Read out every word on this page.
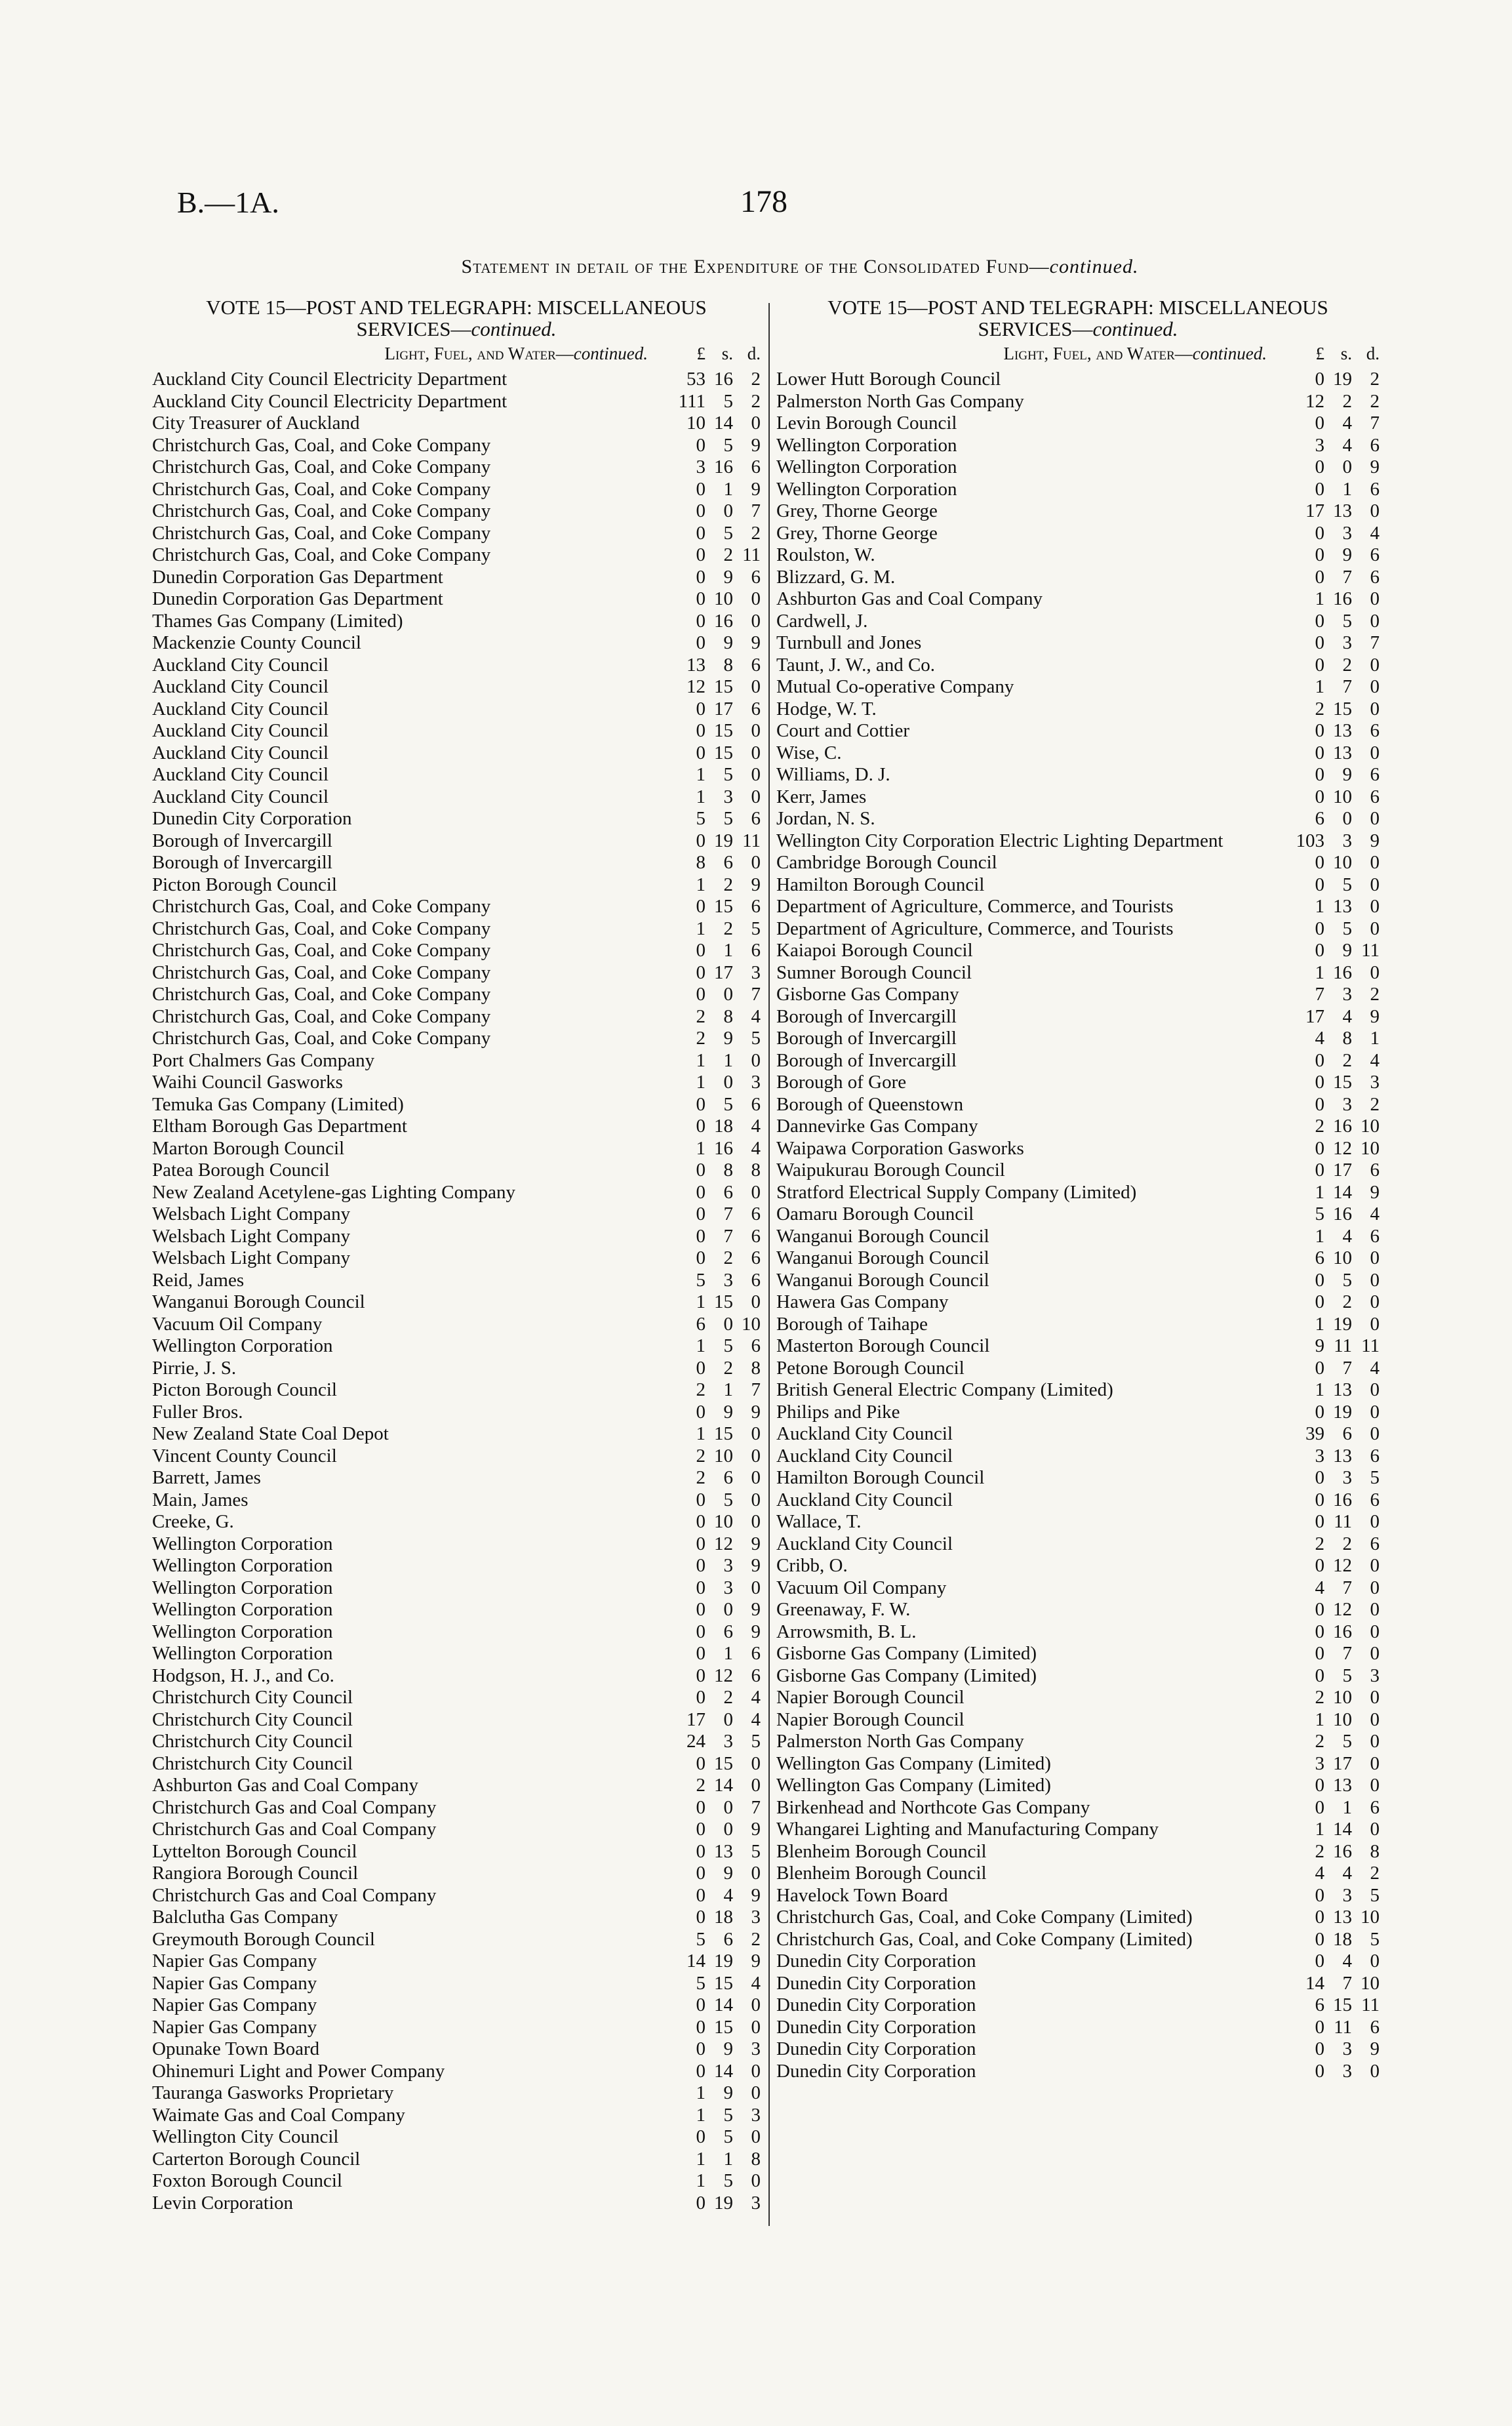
B.—1A.	178
Statement in detail of the Expenditure of the Consolidated Fund—continued.
VOTE 15—POST AND TELEGRAPH: MISCELLANEOUS
SERVICES—continued.
Light, Fuel, and Water— continued.	£ s. d.
Auckland City Council Electricity Department	53 16 2
Auckland City Council Electricity Department	111 5 2
City Treasurer of Auckland	10 14 0
Christchurch Gas, Coal, and Coke Company	0 5 9
Christchurch Gas, Coal, and Coke Company	3 16 6
Christchurch Gas, Coal, and Coke Company	0 1 9
Christchurch Gas, Coal, and Coke Company	0 0 7
Christchurch Gas, Coal, and Coke Company	0 5 2
Christchurch Gas, Coal, and Coke Company	0 2 11
Dunedin Corporation Gas Department	0 9 6
Dunedin Corporation Gas Department	0 10 0
Thames Gas Company (Limited)	0 16 0
Mackenzie County Council	0 9 9
Auckland City Council	13 8 6
Auckland City Council	12 15 0
Auckland City Council	0 17 6
Auckland City Council	0 15 0
Auckland City Council	0 15 0
Auckland City Council	1 5 0
Auckland City Council	1 3 0
Dunedin City Corporation	5 5 6
Borough of Invercargill	0 19 11
Borough of Invercargill	8 6 0
Picton Borough Council	1 2 9
Christchurch Gas, Coal, and Coke Company	0 15 6
Christchurch Gas, Coal, and Coke Company	1 2 5
Christchurch Gas, Coal, and Coke Company	0 1 6
Christchurch Gas, Coal, and Coke Company	0 17 3
Christchurch Gas, Coal, and Coke Company	0 0 7
Christchurch Gas, Coal, and Coke Company	2 8 4
Christchurch Gas, Coal, and Coke Company	2 9 5
Port Chalmers Gas Company	1 1 0
Waihi Council Gasworks	1 0 3
Temuka Gas Company (Limited)	0 5 6
Eltham Borough Gas Department	0 18 4
Marton Borough Council	1 16 4
Patea Borough Council	0 8 8
New Zealand Acetylene-gas Lighting Company	0 6 0
Welsbach Light Company	0 7 6
Welsbach Light Company	0 7 6
Welsbach Light Company	0 2 6
Reid, James	5 3 6
Wanganui Borough Council	1 15 0
Vacuum Oil Company	6 0 10
Wellington Corporation	1 5 6
Pirrie, J. S.	0 2 8
Picton Borough Council	2 1 7
Fuller Bros.	0 9 9
New Zealand State Coal Depot	1 15 0
Vincent County Council	2 10 0
Barrett, James	2 6 0
Main, James	0 5 0
Creeke, G.	0 10 0
Wellington Corporation	0 12 9
Wellington Corporation	0 3 9
Wellington Corporation	0 3 0
Wellington Corporation	0 0 9
Wellington Corporation	0 6 9
Wellington Corporation	0 1 6
Hodgson, H. J., and Co.	0 12 6
Christchurch City Council	0 2 4
Christchurch City Council	17 0 4
Christchurch City Council	24 3 5
Christchurch City Council	0 15 0
Ashburton Gas and Coal Company	2 14 0
Christchurch Gas and Coal Company	0 0 7
Christchurch Gas and Coal Company	0 0 9
Lyttelton Borough Council	0 13 5
Rangiora Borough Council	0 9 0
Christchurch Gas and Coal Company	0 4 9
Balclutha Gas Company	0 18 3
Greymouth Borough Council	5 6 2
Napier Gas Company	14 19 9
Napier Gas Company	5 15 4
Napier Gas Company	0 14 0
Napier Gas Company	0 15 0
Opunake Town Board	0 9 3
Ohinemuri Light and Power Company	0 14 0
Tauranga Gasworks Proprietary	1 9 0
Waimate Gas and Coal Company	1 5 3
Wellington City Council	0 5 0
Carterton Borough Council	1 1 8
Foxton Borough Council	1 5 0
Levin Corporation	0 19 3
VOTE 15—POST AND TELEGRAPH: MISCELLANEOUS
SERVICES—continued.
Light, Fuel, and Water— continued.	£ s. d.
Lower Hutt Borough Council	0 19 2
Palmerston North Gas Company	12 2 2
Levin Borough Council	0 4 7
Wellington Corporation	3 4 6
Wellington Corporation	0 0 9
Wellington Corporation	0 1 6
Grey, Thorne George	17 13 0
Grey, Thorne George	0 3 4
Roulston, W.	0 9 6
Blizzard, G. M.	0 7 6
Ashburton Gas and Coal Company	1 16 0
Cardwell, J.	0 5 0
Turnbull and Jones	0 3 7
Taunt, J. W., and Co.	0 2 0
Mutual Co-operative Company	1 7 0
Hodge, W. T.	2 15 0
Court and Cottier	0 13 6
Wise, C.	0 13 0
Williams, D. J.	0 9 6
Kerr, James	0 10 6
Jordan, N. S.	6 0 0
Wellington City Corporation Electric Lighting Department	103 3 9
Cambridge Borough Council	0 10 0
Hamilton Borough Council	0 5 0
Department of Agriculture, Commerce, and Tourists	1 13 0
Department of Agriculture, Commerce, and Tourists	0 5 0
Kaiapoi Borough Council	0 9 11
Sumner Borough Council	1 16 0
Gisborne Gas Company	7 3 2
Borough of Invercargill	17 4 9
Borough of Invercargill	4 8 1
Borough of Invercargill	0 2 4
Borough of Gore	0 15 3
Borough of Queenstown	0 3 2
Dannevirke Gas Company	2 16 10
Waipawa Corporation Gasworks	0 12 10
Waipukurau Borough Council	0 17 6
Stratford Electrical Supply Company (Limited)	1 14 9
Oamaru Borough Council	5 16 4
Wanganui Borough Council	1 4 6
Wanganui Borough Council	6 10 0
Wanganui Borough Council	0 5 0
Hawera Gas Company	0 2 0
Borough of Taihape	1 19 0
Masterton Borough Council	9 11 11
Petone Borough Council	0 7 4
British General Electric Company (Limited)	1 13 0
Philips and Pike	0 19 0
Auckland City Council	39 6 0
Auckland City Council	3 13 6
Hamilton Borough Council	0 3 5
Auckland City Council	0 16 6
Wallace, T.	0 11 0
Auckland City Council	2 2 6
Cribb, O.	0 12 0
Vacuum Oil Company	4 7 0
Greenaway, F. W.	0 12 0
Arrowsmith, B. L.	0 16 0
Gisborne Gas Company (Limited)	0 7 0
Gisborne Gas Company (Limited)	0 5 3
Napier Borough Council	2 10 0
Napier Borough Council	1 10 0
Palmerston North Gas Company	2 5 0
Wellington Gas Company (Limited)	3 17 0
Wellington Gas Company (Limited)	0 13 0
Birkenhead and Northcote Gas Company	0 1 6
Whangarei Lighting and Manufacturing Company	1 14 0
Blenheim Borough Council	2 16 8
Blenheim Borough Council	4 4 2
Havelock Town Board	0 3 5
Christchurch Gas, Coal, and Coke Company (Limited)	0 13 10
Christchurch Gas, Coal, and Coke Company (Limited)	0 18 5
Dunedin City Corporation	0 4 0
Dunedin City Corporation	14 7 10
Dunedin City Corporation	6 15 11
Dunedin City Corporation	0 11 6
Dunedin City Corporation	0 3 9
Dunedin City Corporation	0 3 0
